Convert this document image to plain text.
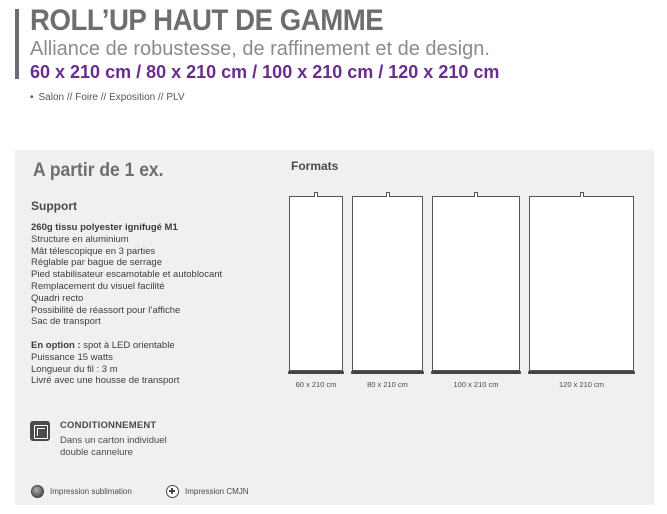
ROLL’UP HAUT DE GAMME
Alliance de robustesse, de raffinement et de design.
60 x 210 cm / 80 x 210 cm / 100 x 210 cm / 120 x 210 cm
• Salon // Foire // Exposition // PLV
A partir de 1 ex.
Support
260g tissu polyester ignifugé M1
Structure en aluminium
Mât télescopique en 3 parties
Réglable par bague de serrage
Pied stabilisateur escamotable et autoblocant
Remplacement du visuel facilité
Quadri recto
Possibilité de réassort pour l’affiche
Sac de transport
En option : spot à LED orientable
Puissance 15 watts
Longueur du fil : 3 m
Livré avec une housse de transport
CONDITIONNEMENT
Dans un carton individuel
double cannelure
Impression sublimation	Impression CMJN
Formats
60 x 210 cm	80 x 210 cm	100 x 210 cm	120 x 210 cm
